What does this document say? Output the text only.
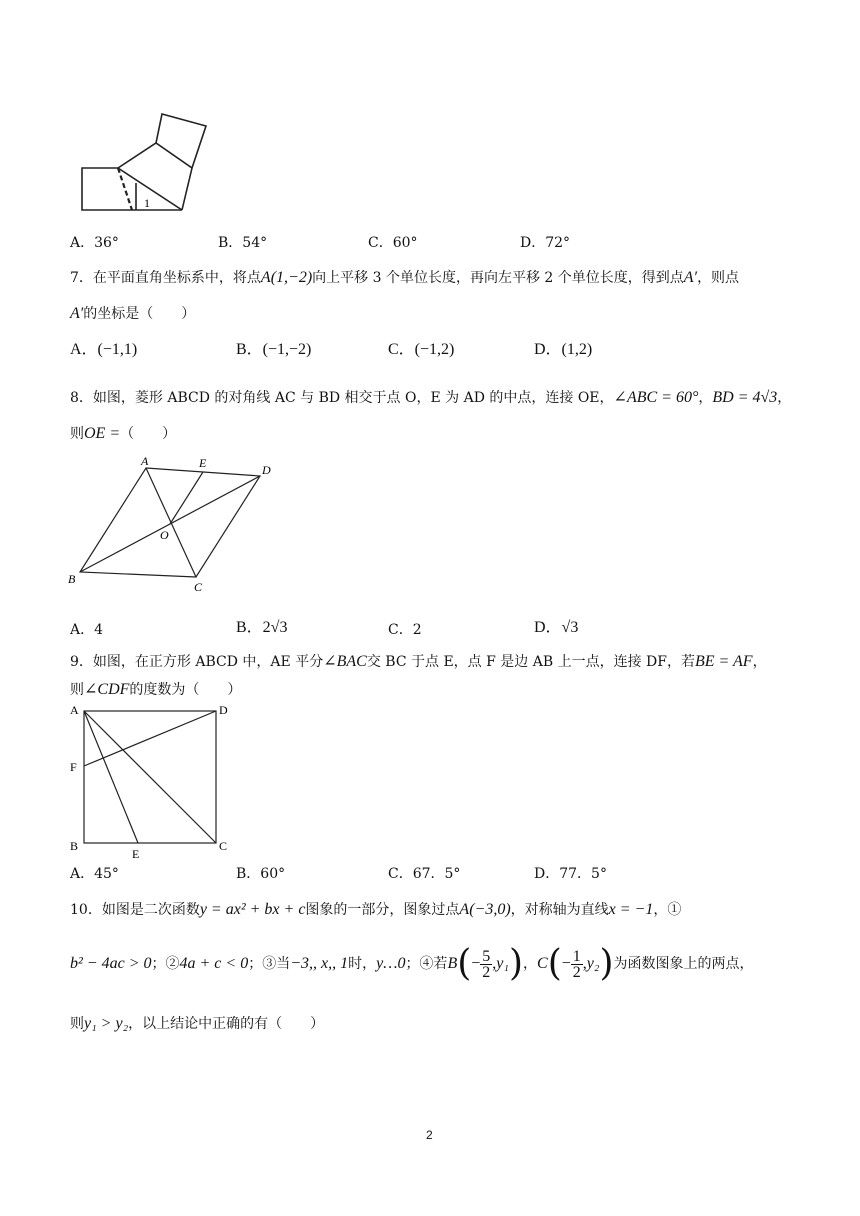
1
A．36°	B．54°	C．60°	D．72°
7．在平面直角坐标系中，将点A(1,−2)向上平移 3 个单位长度，再向左平移 2 个单位长度，得到点A′，则点
A′的坐标是（　　）
A．(−1,1)	B．(−1,−2)	C．(−1,2)	D．(1,2)
8．如图，菱形 ABCD 的对角线 AC 与 BD 相交于点 O，E 为 AD 的中点，连接 OE，∠ABC = 60°，BD = 4√3，
则OE =（　　）
A	E	D
O
B
C
A．4	B．2√3	C．2	D．√3
9．如图，在正方形 ABCD 中，AE 平分∠BAC交 BC 于点 E，点 F 是边 AB 上一点，连接 DF，若BE = AF，
则∠CDF的度数为（　　）
A	D
F
B
E
C
A．45°	B．60°	C．67．5°	D．77．5°
10．如图是二次函数y = ax² + bx + c图象的一部分，图象过点A(−3,0)，对称轴为直线x = −1，①
b² − 4ac > 0；②4a + c < 0；③当−3,, x,, 1时，y…0；④若$B(- \frac{5}{2} ,y_1)$，$C(- \frac{1}{2} ,y_2)$为函数图象上的两点，
则y₁ > y₂，以上结论中正确的有（　　）
2
